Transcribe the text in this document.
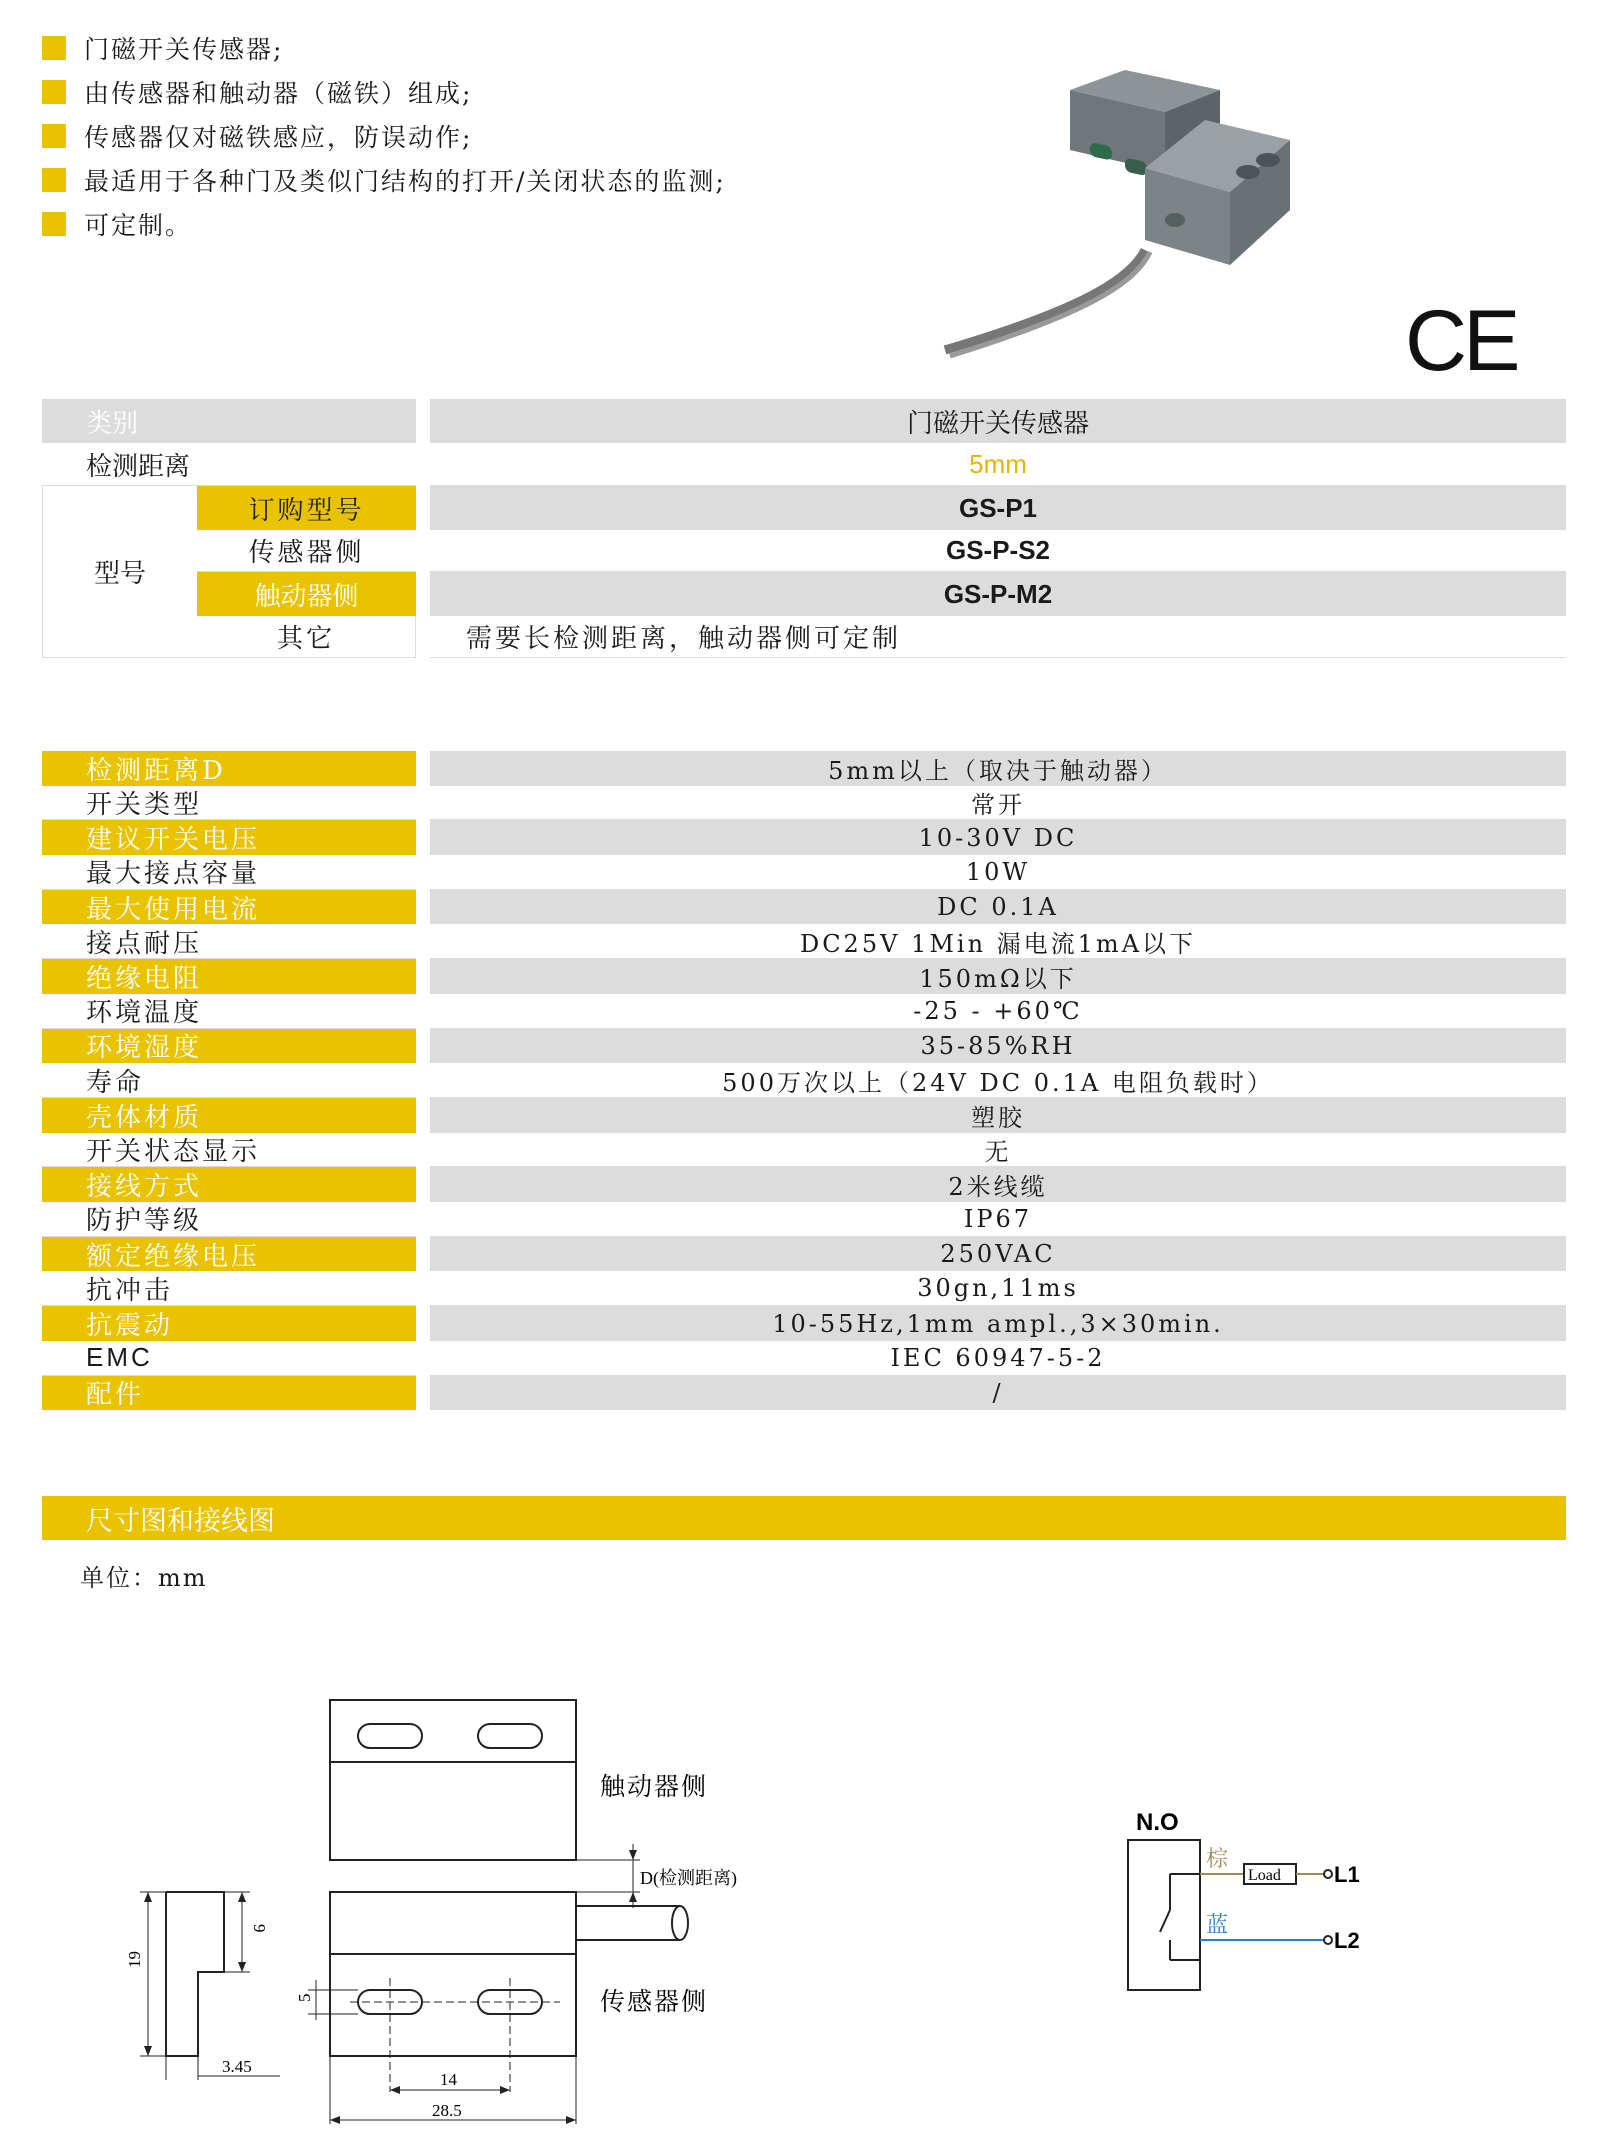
门磁开关传感器;
由传感器和触动器（磁铁）组成;
传感器仅对磁铁感应，防误动作;
最适用于各种门及类似门结构的打开/关闭状态的监测;
可定制。
CE
类别	门磁开关传感器
检测距离	5mm
型号
订购型号	GS-P1
传感器侧	GS-P-S2
触动器侧	GS-P-M2
其它	需要长检测距离，触动器侧可定制
检测距离D	5mm以上（取决于触动器）
开关类型	常开
建议开关电压	10-30V DC
最大接点容量	10W
最大使用电流	DC 0.1A
接点耐压	DC25V 1Min 漏电流1mA以下
绝缘电阻	150mΩ以下
环境温度	-25 - +60℃
环境湿度	35-85%RH
寿命	500万次以上（24V DC 0.1A 电阻负载时）
壳体材质	塑胶
开关状态显示	无
接线方式	2米线缆
防护等级	IP67
额定绝缘电压	250VAC
抗冲击	30gn,11ms
抗震动	10-55Hz,1mm ampl.,3×30min.
EMC	IEC 60947-5-2
配件	/
尺寸图和接线图
单位：mm
触动器侧
传感器侧
D(检测距离)
19
9
3.45
5
14
28.5
N.O
棕
蓝
Load L1
L2
